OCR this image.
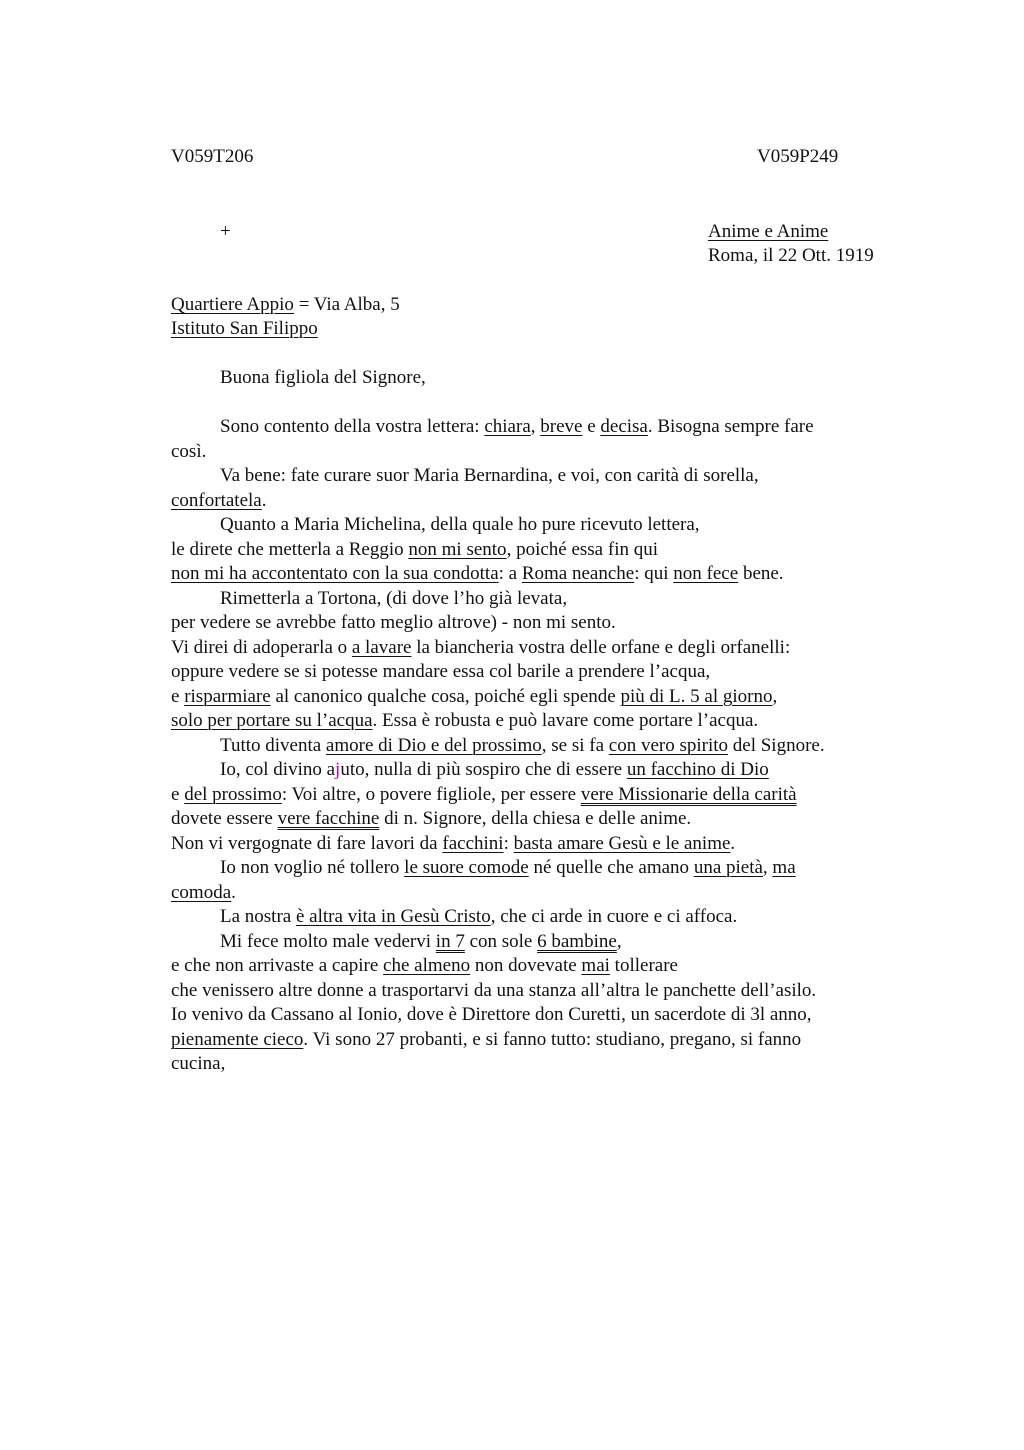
V059T206	V059P249
+	Anime e Anime
Roma, il 22 Ott. 1919
Quartiere Appio = Via Alba, 5
Istituto San Filippo
Buona figliola del Signore,
Sono contento della vostra lettera: chiara, breve e decisa. Bisogna sempre fare
così.
Va bene: fate curare suor Maria Bernardina, e voi, con carità di sorella,
confortatela.
Quanto a Maria Michelina, della quale ho pure ricevuto lettera,
le direte che metterla a Reggio non mi sento, poiché essa fin qui
non mi ha accontentato con la sua condotta: a Roma neanche: qui non fece bene.
Rimetterla a Tortona, (di dove l’ho già levata,
per vedere se avrebbe fatto meglio altrove) - non mi sento.
Vi direi di adoperarla o a lavare la biancheria vostra delle orfane e degli orfanelli:
oppure vedere se si potesse mandare essa col barile a prendere l’acqua,
e risparmiare al canonico qualche cosa, poiché egli spende più di L. 5 al giorno,
solo per portare su l’acqua. Essa è robusta e può lavare come portare l’acqua.
Tutto diventa amore di Dio e del prossimo, se si fa con vero spirito del Signore.
Io, col divino ajuto, nulla di più sospiro che di essere un facchino di Dio
e del prossimo: Voi altre, o povere figliole, per essere vere Missionarie della carità
dovete essere vere facchine di n. Signore, della chiesa e delle anime.
Non vi vergognate di fare lavori da facchini: basta amare Gesù e le anime.
Io non voglio né tollero le suore comode né quelle che amano una pietà, ma
comoda.
La nostra è altra vita in Gesù Cristo, che ci arde in cuore e ci affoca.
Mi fece molto male vedervi in 7 con sole 6 bambine,
e che non arrivaste a capire che almeno non dovevate mai tollerare
che venissero altre donne a trasportarvi da una stanza all’altra le panchette dell’asilo.
Io venivo da Cassano al Ionio, dove è Direttore don Curetti, un sacerdote di 3l anno,
pienamente cieco. Vi sono 27 probanti, e si fanno tutto: studiano, pregano, si fanno
cucina,
